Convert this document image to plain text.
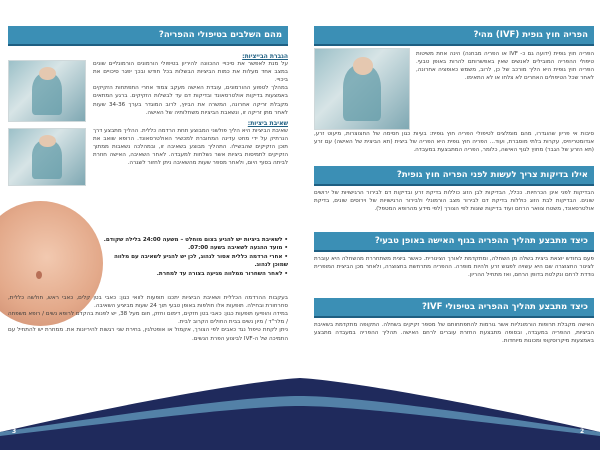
מהם השלבים בטיפולי ההפריה?
הגברת הבייציות:

על מנת לאפשר את סיכויי ההכוונה להיריון בטיפולי הורמונים הורמונליים שונים במצב אחד מעלות את כמות הביציות הבשלות בכל חודש ובכך יפגר סיכויים את ביכויי.

במהלך לטפוע ההורמונים, עובדת האישה מעקב צמוד אחרי התפתחות הזקיקים באמצעות בדיקות אולטרסאונד ובדיקות דם עד לבשלות הזקיקים. ברגע המתאים מקבלת זריקה אחרונה, המשרה את הביוץ, לרוב המוגדר בערך 34-36 שעות לאחר מתן זריקה זו, ונשאבת הביציות משחלותיה של האישה.

שאיבת ביציות:

שאיבת הביציות היא הליך פולשני המבוצע תחת הרדמה כללית. ההליך מתבצע דרך הנרתיק על ידי מחט עדינה המחוברת למכשיר האולטרסאונד. הרופא שואב את תוכן הזקיקים שהבשילו. התהליך מבוצע בשאיבה זו, ובמהלכה נשאבות ממתוך הזקיקים לתמיסות ביציות אשר נשלחות למעבדה. לאחר השאיבה, האישה חוזרת לביתה בסוף היום, ולאחר מספר שעות מהשאיבה ניתן לחזור לשגרה.

• לשאיבת ביציות יש להגיע בצום מוחלט – משעה 24:00 בלילה שקודם.
• מועד ההגעה לשאיבה בשעה 07:00.
• אחרי הרדמה כללית אסור לנהוג, לכן יש להגיע לשאיבה עם מלווה שמוכן לנהוג.
• לאחר השחרור ממלווה מגיעה בצורה עד למחרת.

בעקבות ההרדמה הכללית ושאיבת הביציות יתכנו תופעות לוואי כגון: כאבי בטן קלים, כאבי ראש, חולשה כללית, סחרחורת ובחילה. תופעות אלו חולפות באופן טבעי תוך 24 שעות מביציע השאיבה.

במידה והופיעו תופעות כגון: כאבי בטן חזקים, דימום וחזק, חום מעל 38, יש לפנות בהקדם לרופא נשים / רופא משפחה / מלר"ד / מיון נשים בבית החולים הקרוב לבית.

ניתן לקחת טיפול נגד כאבים לפי הצורך, אקמול או אופטלגין, בחירת שני רגשות להיריונות את. ממחרת יש להתחיל עם התמיכה של ה-IVF לביצוע הפרת הנשים.

הפריה חוץ גופית (IVF) מהי?

הפריה חוץ גופית (ידועה גם כ- IVF או הפריה מבחנה) הינה אחת משיטות טיפולי ההפריה המובילים לאנשים שאין באפשרותם להרות באופן טבעי. הפריה חוץ גופית היא הליך מורכב של כן, לרוב, משמש כאופציה אחרונה, לאחר שכל הטיפולים האחרים לא צלחו או לא התאימו.

סיבות אי פריון שהוגדרו, מהם מומלצים לטיפולי הפריה חוץ גופית: בעיות כגון חסימה של החצוצרות, מיעוט זרע, אנדומטריוזיס, עקרות בלתי מוסברת, ועוד... הפריה חוץ גופית היא הפריה של ביצית (תא הביצית של האישה) עם זרע (תא הזרע של הגבר) מחוץ לגוף האישה, כלומר, הפריה המתבצעת במעבדה.

אילו בדיקות צריך לעשות לפני הפריה חוץ גופית?

הבדיקות לפני אינן הכרחיות. ככלל, הבדיקות לבן הזוג כוללות בדיקת זרע ובדיקות דם לבירור הרגישויות של ירושים שונים. הבדיקות לבת הזוג כוללות בדיקת דם לבירור מצב הורמונלי ולבירור הרגישויות של וירוסים שונים, בדיקת אולטרסאונד, משטח צוואר הרחם ועוד בדיקות שונות לפי הצורך (לפי מידע מהרופא המטפל).

כיצד מתבצע תהליך ההפריה בגוף האישה באופן טבעי?

פעם בחודש יוצאת ביצית בשלה מן השחלה, ומתקדמת לאורך הצינורית. כאשר ביצית משתחררת מהשחלה היא עוברת לצינור החצוצרה שם היא עשויה לפגוש זרע ולהיות מופרה. ההפריה מתרחשת בחצוצרה, ולאחר מכן הביצית המופרית נודדת לרחם ונקלטת בדופן הרחם, ואז מתחיל ההריון.

כיצד מתבצע תהליך ההפריה בטיפולי IVF?

האישה מקבלת תרופות הורמונליות אשר גורמות להתפתחותם של מספר זקיקים בשחלה. התקופה מתקדמת בשאיבת הביציות, ההפריה במעבדה, ובסופה מתבצעת החזרת עוברים לרחם האישה. תהליך ההפריה במעבדה מתבצע באמצעות מיקרוסקופ ומכונות מיוחדות.

3	2
